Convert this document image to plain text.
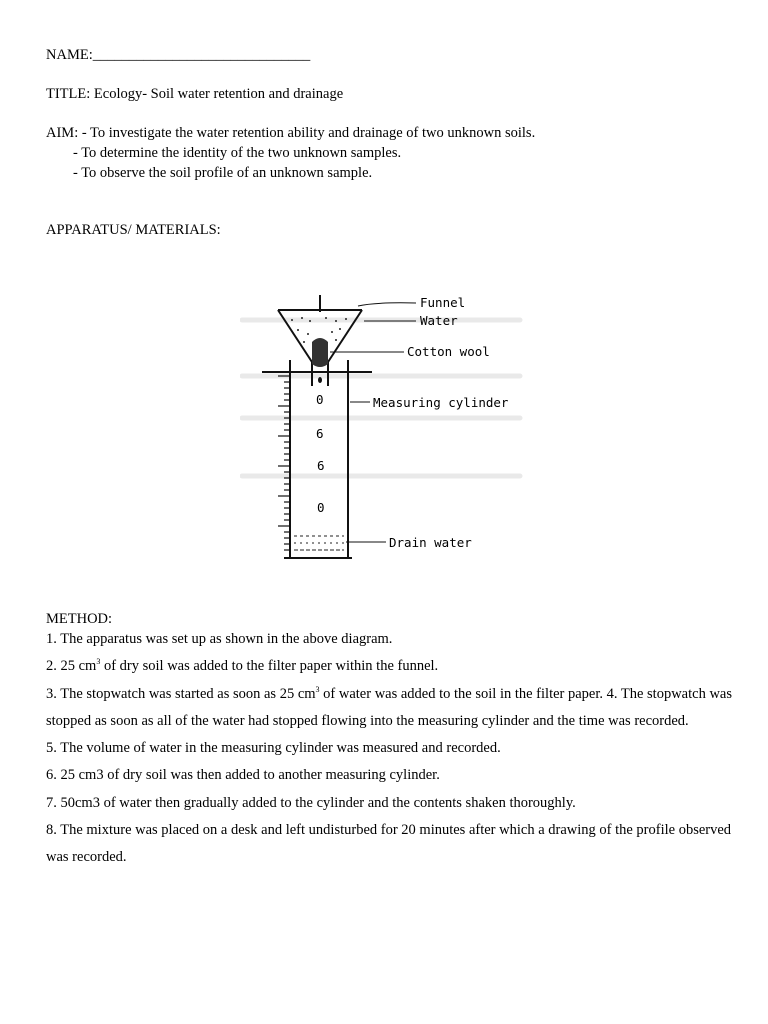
NAME:______________________________
TITLE: Ecology- Soil water retention and drainage
AIM: - To investigate the water retention ability and drainage of two unknown soils.
- To determine the identity of the two unknown samples.
- To observe the soil profile of an unknown sample.
APPARATUS/ MATERIALS:
0
6
6
0
Funnel
Water
Cotton wool
Measuring cylinder
Drain water
METHOD:

1. The apparatus was set up as shown in the above diagram.

2. 25 $cm^3$ of dry soil was added to the filter paper within the funnel.

3. The stopwatch was started as soon as 25 $cm^3$ of water was added to the soil in the filter paper. 4. The stopwatch was stopped as soon as all of the water had stopped flowing into the measuring cylinder and the time was recorded.

5. The volume of water in the measuring cylinder was measured and recorded.

6. 25 cm3 of dry soil was then added to another measuring cylinder.

7. 50cm3 of water then gradually added to the cylinder and the contents shaken thoroughly.

8. The mixture was placed on a desk and left undisturbed for 20 minutes after which a drawing of the profile observed was recorded.
